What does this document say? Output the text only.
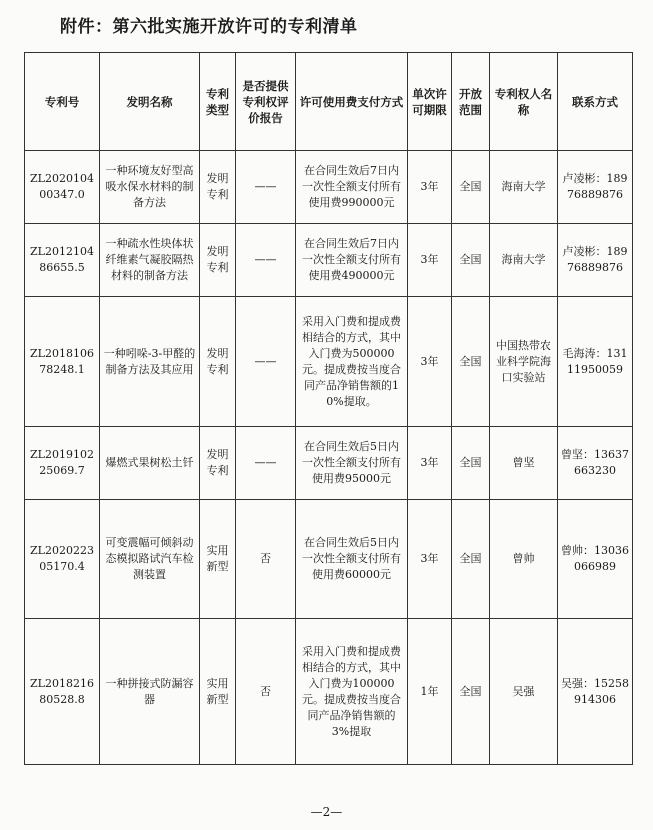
附件：第六批实施开放许可的专利清单
专利号	发明名称	专利类型	是否提供专利权评价报告	许可使用费支付方式	单次许可期限	开放范围	专利权人名称	联系方式
ZL202010400347.0	一种环境友好型高吸水保水材料的制备方法	发明专利	——	在合同生效后7日内一次性全额支付所有使用费990000元	3年	全国	海南大学	卢凌彬：18976889876
ZL201210486655.5	一种疏水性块体状纤维素气凝胶隔热材料的制备方法	发明专利	——	在合同生效后7日内一次性全额支付所有使用费490000元	3年	全国	海南大学	卢凌彬：18976889876
ZL201810678248.1	一种吲哚-3-甲醛的制备方法及其应用	发明专利	——	采用入门费和提成费相结合的方式，其中入门费为500000元。提成费按当度合同产品净销售额的10%提取。	3年	全国	中国热带农业科学院海口实验站	毛海涛：13111950059
ZL201910225069.7	爆燃式果树松土钎	发明专利	——	在合同生效后5日内一次性全额支付所有使用费95000元	3年	全国	曾坚	曾坚：13637663230
ZL202022305170.4	可变震幅可倾斜动态模拟路试汽车检测装置	实用新型	否	在合同生效后5日内一次性全额支付所有使用费60000元	3年	全国	曾帅	曾帅：13036066989
ZL201821680528.8	一种拼接式防漏容器	实用新型	否	采用入门费和提成费相结合的方式，其中入门费为100000元。提成费按当度合同产品净销售额的3%提取	1年	全国	吴强	吴强：15258914306
—2—
